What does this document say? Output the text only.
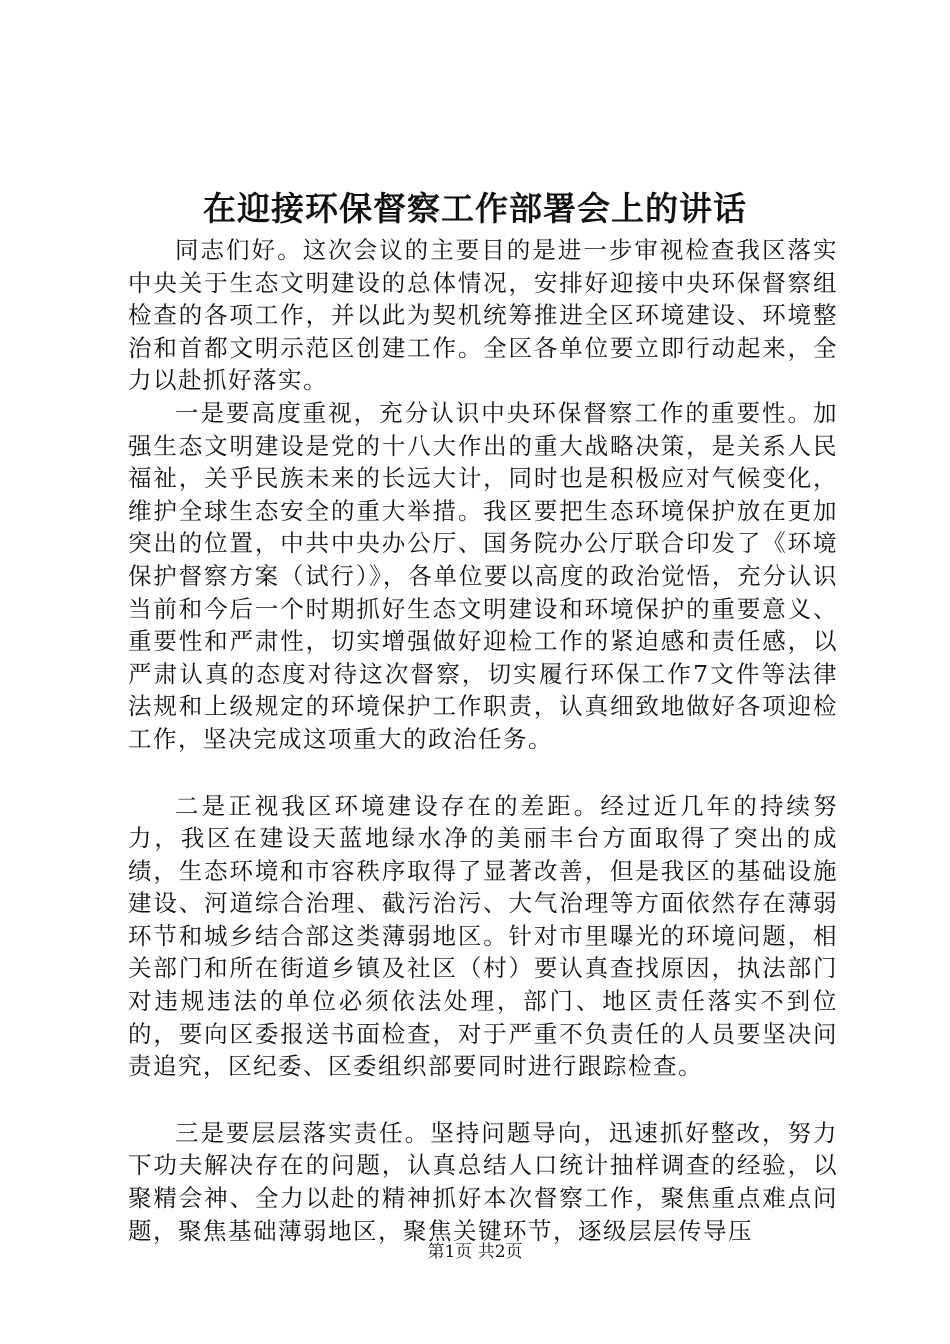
在迎接环保督察工作部署会上的讲话

同志们好。这次会议的主要目的是进一步审视检查我区落实中央关于生态文明建设的总体情况，安排好迎接中央环保督察组检查的各项工作，并以此为契机统筹推进全区环境建设、环境整治和首都文明示范区创建工作。全区各单位要立即行动起来，全力以赴抓好落实。

一是要高度重视，充分认识中央环保督察工作的重要性。加强生态文明建设是党的十八大作出的重大战略决策，是关系人民福祉，关乎民族未来的长远大计，同时也是积极应对气候变化，维护全球生态安全的重大举措。我区要把生态环境保护放在更加突出的位置，中共中央办公厅、国务院办公厅联合印发了《环境保护督察方案（试行）》，各单位要以高度的政治觉悟，充分认识当前和今后一个时期抓好生态文明建设和环境保护的重要意义、重要性和严肃性，切实增强做好迎检工作的紧迫感和责任感，以严肃认真的态度对待这次督察，切实履行环保工作7文件等法律法规和上级规定的环境保护工作职责，认真细致地做好各项迎检工作，坚决完成这项重大的政治任务。

二是正视我区环境建设存在的差距。经过近几年的持续努力，我区在建设天蓝地绿水净的美丽丰台方面取得了突出的成绩，生态环境和市容秩序取得了显著改善，但是我区的基础设施建设、河道综合治理、截污治污、大气治理等方面依然存在薄弱环节和城乡结合部这类薄弱地区。针对市里曝光的环境问题，相关部门和所在街道乡镇及社区（村）要认真查找原因，执法部门对违规违法的单位必须依法处理，部门、地区责任落实不到位的，要向区委报送书面检查，对于严重不负责任的人员要坚决问责追究，区纪委、区委组织部要同时进行跟踪检查。

三是要层层落实责任。坚持问题导向，迅速抓好整改，努力下功夫解决存在的问题，认真总结人口统计抽样调查的经验，以聚精会神、全力以赴的精神抓好本次督察工作，聚焦重点难点问题，聚焦基础薄弱地区，聚焦关键环节，逐级层层传导压

第1页 共2页
